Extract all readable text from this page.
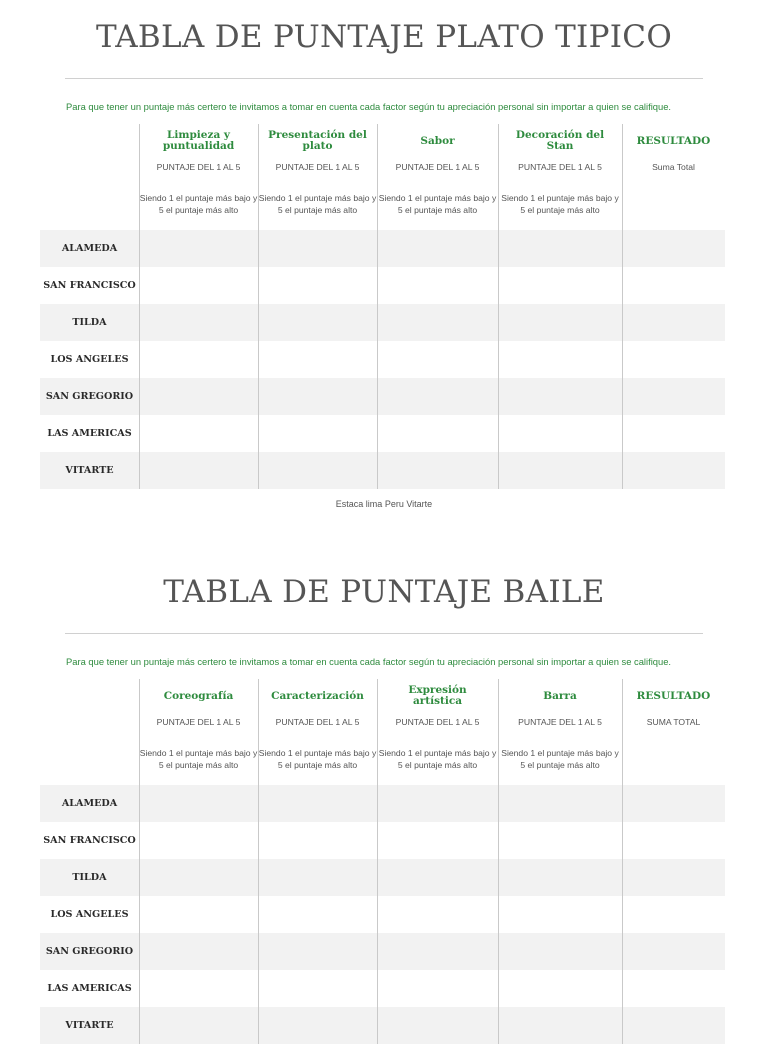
TABLA DE PUNTAJE PLATO TIPICO
Para que tener un puntaje más certero te invitamos a tomar en cuenta cada factor según tu apreciación personal sin importar a quien se califique.
ALAMEDA
SAN FRANCISCO
TILDA
LOS ANGELES
SAN GREGORIO
LAS AMERICAS
VITARTE
Limpieza y puntualidad
PUNTAJE DEL 1 AL 5
Siendo 1 el puntaje más bajo y 5 el puntaje más alto
Presentación del plato
PUNTAJE DEL 1 AL 5
Siendo 1 el puntaje más bajo y 5 el puntaje más alto
Sabor
PUNTAJE DEL 1 AL 5
Siendo 1 el puntaje más bajo y 5 el puntaje más alto
Decoración del Stan
PUNTAJE DEL 1 AL 5
Siendo 1 el puntaje más bajo y 5 el puntaje más alto
RESULTADO
Suma Total
Estaca lima Peru Vitarte
TABLA DE PUNTAJE BAILE
Para que tener un puntaje más certero te invitamos a tomar en cuenta cada factor según tu apreciación personal sin importar a quien se califique.
ALAMEDA
SAN FRANCISCO
TILDA
LOS ANGELES
SAN GREGORIO
LAS AMERICAS
VITARTE
Coreografía
PUNTAJE DEL 1 AL 5
Siendo 1 el puntaje más bajo y 5 el puntaje más alto
Caracterización
PUNTAJE DEL 1 AL 5
Siendo 1 el puntaje más bajo y 5 el puntaje más alto
Expresión artística
PUNTAJE DEL 1 AL 5
Siendo 1 el puntaje más bajo y 5 el puntaje más alto
Barra
PUNTAJE DEL 1 AL 5
Siendo 1 el puntaje más bajo y 5 el puntaje más alto
RESULTADO
SUMA TOTAL
